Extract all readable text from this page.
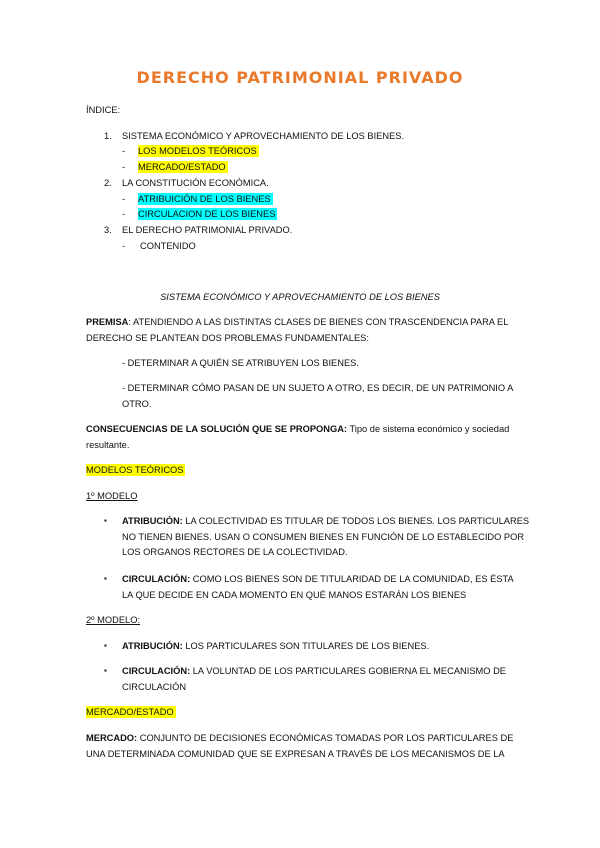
DERECHO PATRIMONIAL PRIVADO
ÍNDICE:
1. SISTEMA ECONÓMICO Y APROVECHAMIENTO DE LOS BIENES.
- LOS MODELOS TEÓRICOS
- MERCADO/ESTADO
2. LA CONSTITUCIÓN ECONÓMICA.
- ATRIBUICIÓN DE LOS BIENES
- CIRCULACION DE LOS BIENES
3. EL DERECHO PATRIMONIAL PRIVADO.
- CONTENIDO
SISTEMA ECONÓMICO Y APROVECHAMIENTO DE LOS BIENES
PREMISA: ATENDIENDO A LAS DISTINTAS CLASES DE BIENES CON TRASCENDENCIA PARA EL
DERECHO SE PLANTEAN DOS PROBLEMAS FUNDAMENTALES:
- DETERMINAR A QUIÉN SE ATRIBUYEN LOS BIENES.
- DETERMINAR CÓMO PASAN DE UN SUJETO A OTRO, ES DECIR, DE UN PATRIMONIO A
OTRO.
CONSECUENCIAS DE LA SOLUCIÓN QUE SE PROPONGA: Tipo de sistema económico y sociedad
resultante.
MODELOS TEÓRICOS
1º MODELO
▪ ATRIBUCIÓN: LA COLECTIVIDAD ES TITULAR DE TODOS LOS BIENES. LOS PARTICULARES
NO TIENEN BIENES. USAN O CONSUMEN BIENES EN FUNCIÓN DE LO ESTABLECIDO POR
LOS ORGANOS RECTORES DE LA COLECTIVIDAD.
▪ CIRCULACIÓN: COMO LOS BIENES SON DE TITULARIDAD DE LA COMUNIDAD, ES ÉSTA
LA QUE DECIDE EN CADA MOMENTO EN QUÉ MANOS ESTARÁN LOS BIENES
2º MODELO:
▪ ATRIBUCIÓN: LOS PARTICULARES SON TITULARES DE LOS BIENES.
▪ CIRCULACIÓN: LA VOLUNTAD DE LOS PARTICULARES GOBIERNA EL MECANISMO DE
CIRCULACIÓN
MERCADO/ESTADO
MERCADO: CONJUNTO DE DECISIONES ECONÓMICAS TOMADAS POR LOS PARTICULARES DE
UNA DETERMINADA COMUNIDAD QUE SE EXPRESAN A TRAVÉS DE LOS MECANISMOS DE LA
